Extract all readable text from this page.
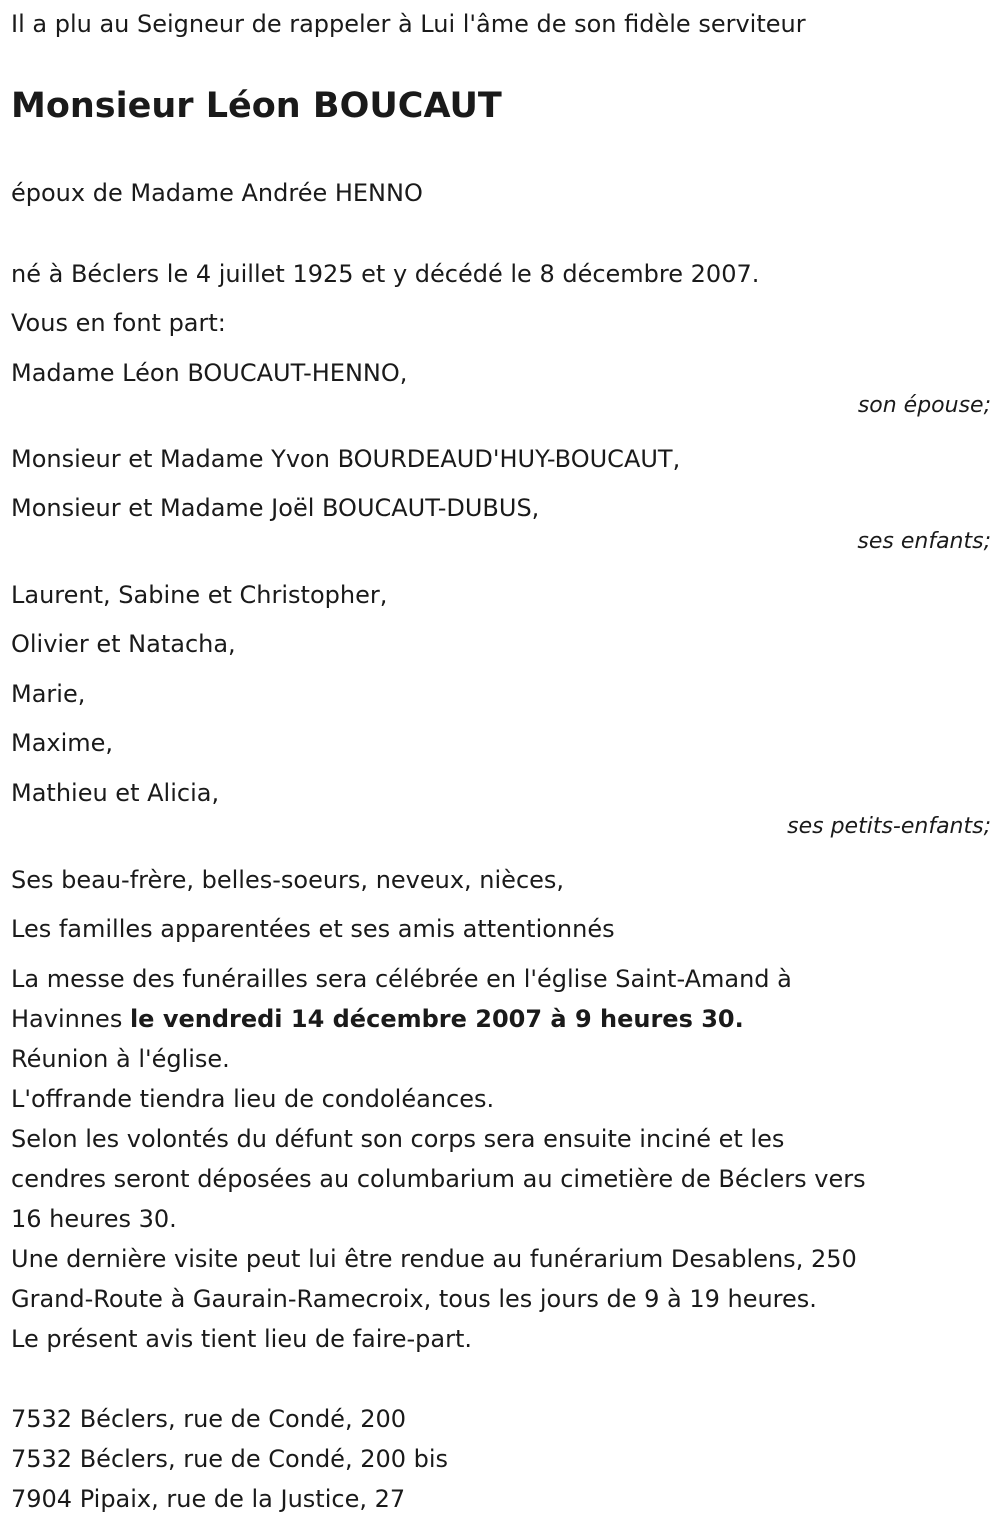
Il a plu au Seigneur de rappeler à Lui l'âme de son fidèle serviteur
Monsieur Léon BOUCAUT
époux de Madame Andrée HENNO
né à Béclers le 4 juillet 1925 et y décédé le 8 décembre 2007.
Vous en font part:
Madame Léon BOUCAUT-HENNO,
son épouse;
Monsieur et Madame Yvon BOURDEAUD'HUY-BOUCAUT,
Monsieur et Madame Joël BOUCAUT-DUBUS,
ses enfants;
Laurent, Sabine et Christopher,
Olivier et Natacha,
Marie,
Maxime,
Mathieu et Alicia,
ses petits-enfants;
Ses beau-frère, belles-soeurs, neveux, nièces,
Les familles apparentées et ses amis attentionnés
La messe des funérailles sera célébrée en l'église Saint-Amand à
Havinnes le vendredi 14 décembre 2007 à 9 heures 30.
Réunion à l'église.
L'offrande tiendra lieu de condoléances.
Selon les volontés du défunt son corps sera ensuite inciné et les
cendres seront déposées au columbarium au cimetière de Béclers vers
16 heures 30.
Une dernière visite peut lui être rendue au funérarium Desablens, 250
Grand-Route à Gaurain-Ramecroix, tous les jours de 9 à 19 heures.
Le présent avis tient lieu de faire-part.
7532 Béclers, rue de Condé, 200
7532 Béclers, rue de Condé, 200 bis
7904 Pipaix, rue de la Justice, 27
